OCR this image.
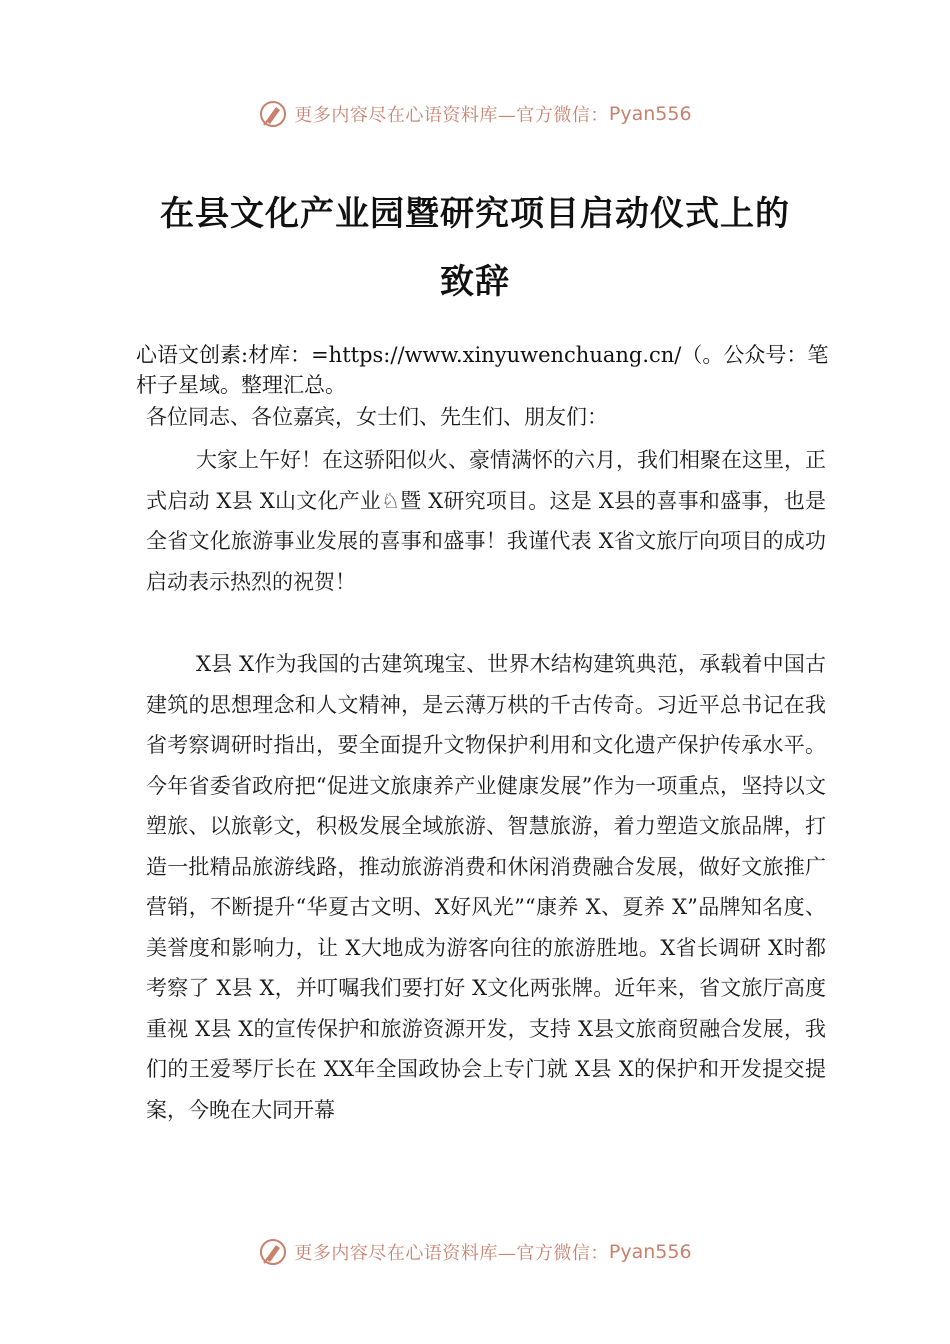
更多内容尽在心语资料库—官方微信： Pyan556
在县文化产业园暨研究项目启动仪式上的
致辞
心语文创素:材库：=https://www.xinyuwenchuang.cn/（。公众号：笔杆子星域。整理汇总。
各位同志、各位嘉宾，女士们、先生们、朋友们：

大家上午好！在这骄阳似火、豪情满怀的六月，我们相聚在这里，正式启动 X县 X山文化产业♘暨 X研究项目。这是 X县的喜事和盛事，也是全省文化旅游事业发展的喜事和盛事！我谨代表 X省文旅厅向项目的成功启动表示热烈的祝贺！

X县 X作为我国的古建筑瑰宝、世界木结构建筑典范，承载着中国古建筑的思想理念和人文精神，是云薄万栱的千古传奇。习近平总书记在我省考察调研时指出，要全面提升文物保护利用和文化遗产保护传承水平。今年省委省政府把“促进文旅康养产业健康发展”作为一项重点，坚持以文塑旅、以旅彰文，积极发展全域旅游、智慧旅游，着力塑造文旅品牌，打造一批精品旅游线路，推动旅游消费和休闲消费融合发展，做好文旅推广营销，不断提升“华夏古文明、X好风光”“康养 X、夏养 X”品牌知名度、美誉度和影响力，让 X大地成为游客向往的旅游胜地。X省长调研 X时都考察了 X县 X，并叮嘱我们要打好 X文化两张牌。近年来，省文旅厅高度重视 X县 X的宣传保护和旅游资源开发，支持 X县文旅商贸融合发展，我们的王爱琴厅长在 XX年全国政协会上专门就 X县 X的保护和开发提交提案，今晚在大同开幕

更多内容尽在心语资料库—官方微信： Pyan556
